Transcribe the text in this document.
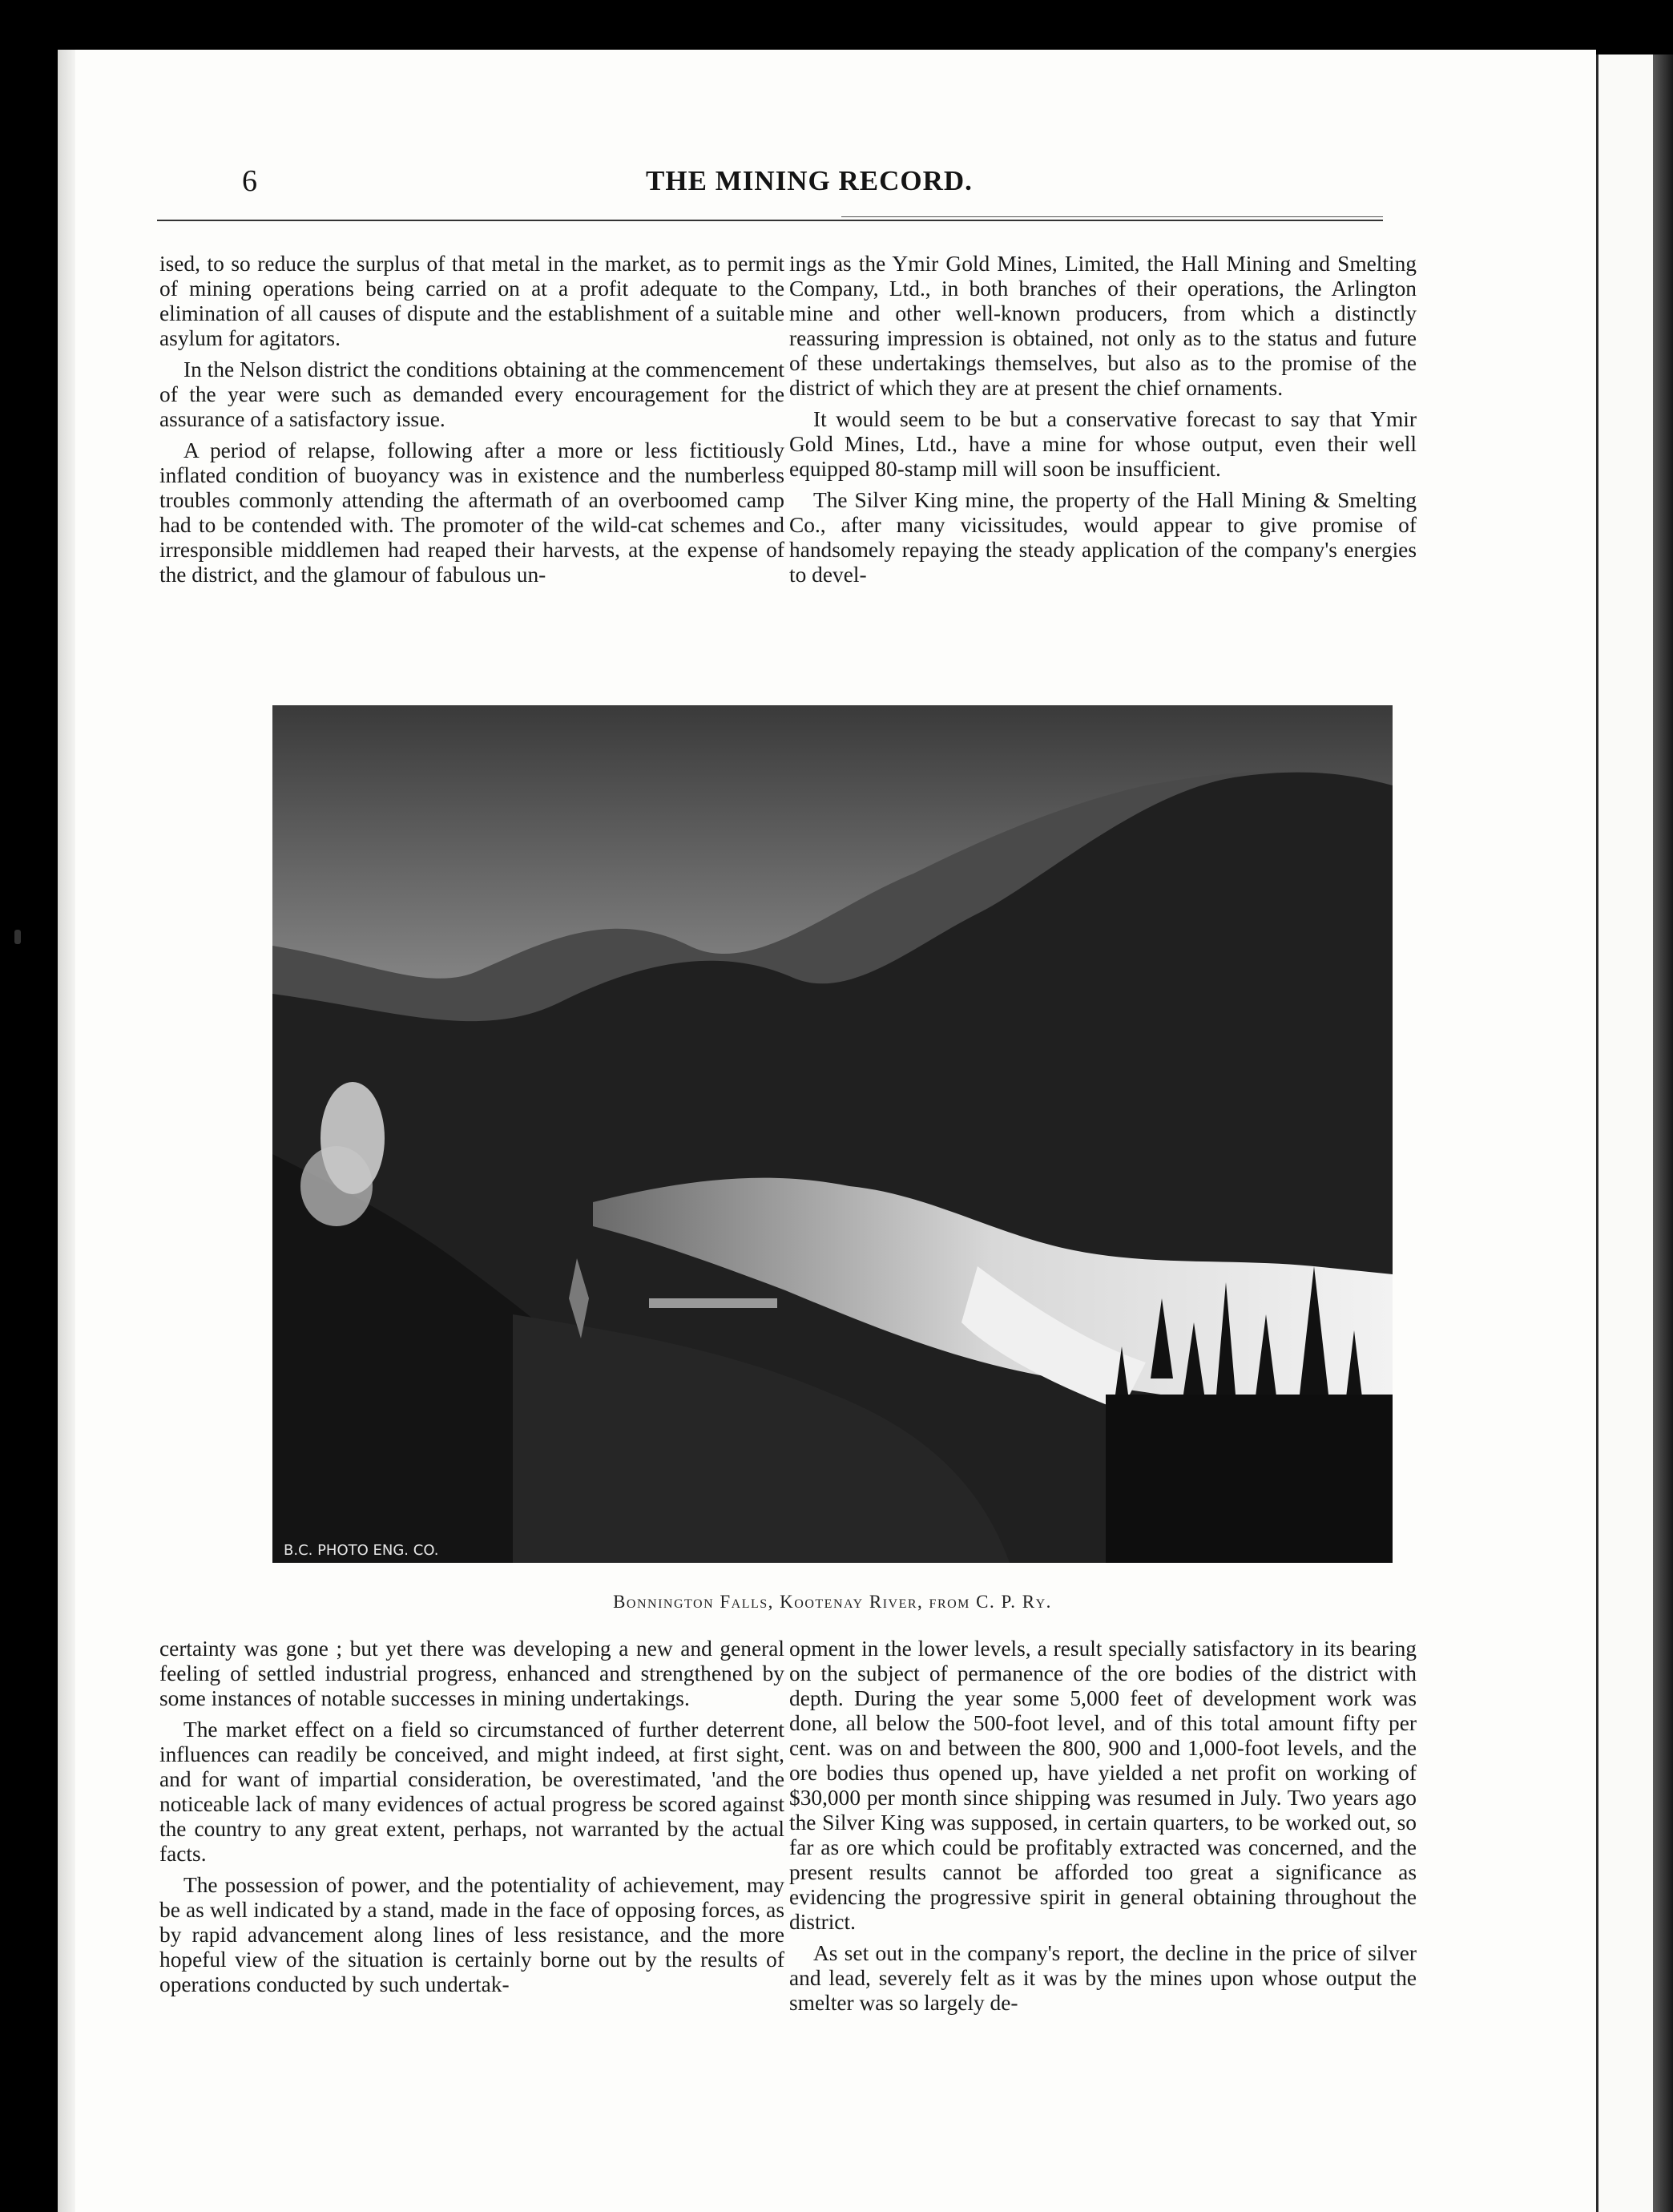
6	THE MINING RECORD.

ised, to so reduce the surplus of that metal in the market, as to permit of mining operations being carried on at a profit adequate to the elimination of all causes of dispute and the establishment of a suitable asylum for agitators.

In the Nelson district the conditions obtaining at the commencement of the year were such as demanded every encouragement for the assurance of a satisfactory issue.

A period of relapse, following after a more or less fictitiously inflated condition of buoyancy was in existence and the numberless troubles commonly attending the aftermath of an overboomed camp had to be contended with. The promoter of the wild-cat schemes and irresponsible middlemen had reaped their harvests, at the expense of the district, and the glamour of fabulous un-

ings as the Ymir Gold Mines, Limited, the Hall Mining and Smelting Company, Ltd., in both branches of their operations, the Arlington mine and other well-known producers, from which a distinctly reassuring impression is obtained, not only as to the status and future of these undertakings themselves, but also as to the promise of the district of which they are at present the chief ornaments.

It would seem to be but a conservative forecast to say that Ymir Gold Mines, Ltd., have a mine for whose output, even their well equipped 80-stamp mill will soon be insufficient.

The Silver King mine, the property of the Hall Mining & Smelting Co., after many vicissitudes, would appear to give promise of handsomely repaying the steady application of the company's energies to devel-

B.C. PHOTO ENG. CO.
Bonnington Falls, Kootenay River, from C. P. Ry.

certainty was gone ; but yet there was developing a new and general feeling of settled industrial progress, enhanced and strengthened by some instances of notable successes in mining undertakings.

The market effect on a field so circumstanced of further deterrent influences can readily be conceived, and might indeed, at first sight, and for want of impartial consideration, be overestimated, 'and the noticeable lack of many evidences of actual progress be scored against the country to any great extent, perhaps, not warranted by the actual facts.

The possession of power, and the potentiality of achievement, may be as well indicated by a stand, made in the face of opposing forces, as by rapid advancement along lines of less resistance, and the more hopeful view of the situation is certainly borne out by the results of operations conducted by such undertak-

opment in the lower levels, a result specially satisfactory in its bearing on the subject of permanence of the ore bodies of the district with depth. During the year some 5,000 feet of development work was done, all below the 500-foot level, and of this total amount fifty per cent. was on and between the 800, 900 and 1,000-foot levels, and the ore bodies thus opened up, have yielded a net profit on working of $30,000 per month since shipping was resumed in July. Two years ago the Silver King was supposed, in certain quarters, to be worked out, so far as ore which could be profitably extracted was concerned, and the present results cannot be afforded too great a significance as evidencing the progressive spirit in general obtaining throughout the district.

As set out in the company's report, the decline in the price of silver and lead, severely felt as it was by the mines upon whose output the smelter was so largely de-
